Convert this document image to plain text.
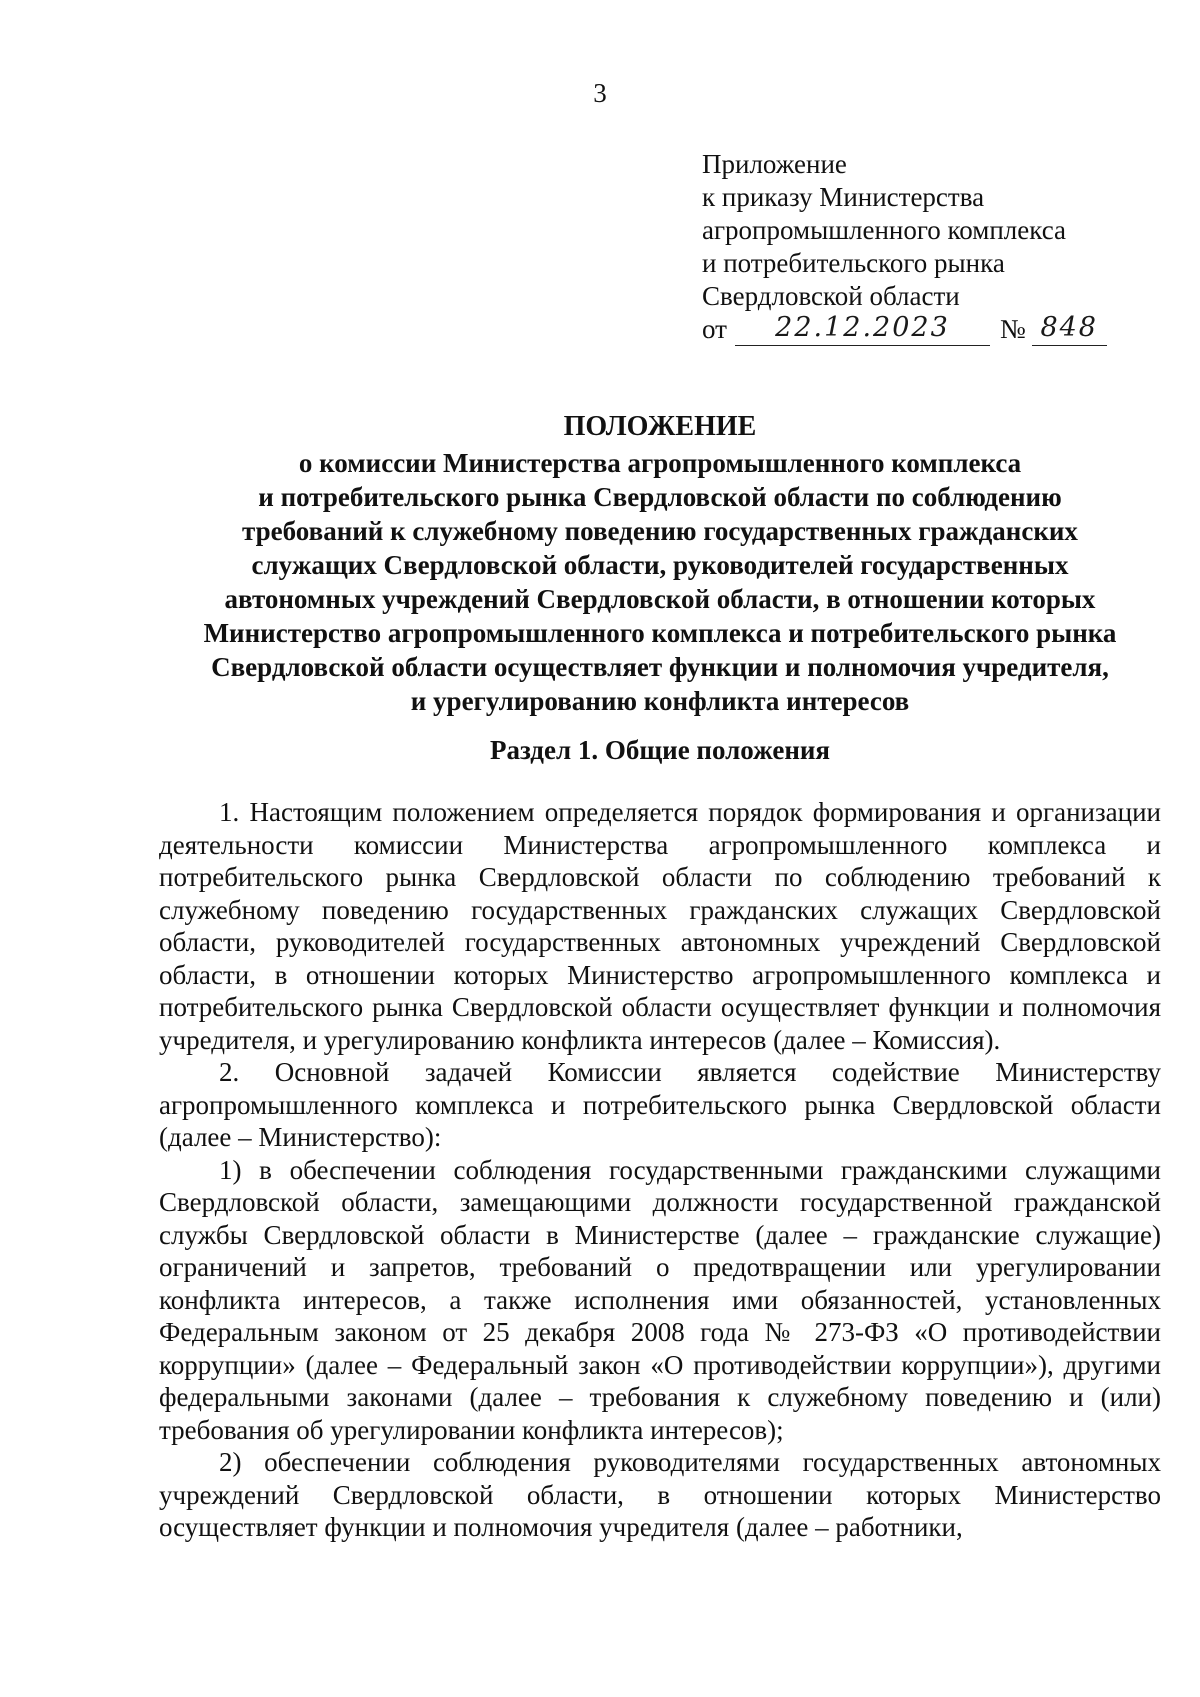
3
Приложение
к приказу Министерства
агропромышленного комплекса
и потребительского рынка
Свердловской области
от	22.12.2023	№ 848
ПОЛОЖЕНИЕ
о комиссии Министерства агропромышленного комплекса
и потребительского рынка Свердловской области по соблюдению
требований к служебному поведению государственных гражданских
служащих Свердловской области, руководителей государственных
автономных учреждений Свердловской области, в отношении которых
Министерство агропромышленного комплекса и потребительского рынка
Свердловской области осуществляет функции и полномочия учредителя,
и урегулированию конфликта интересов
Раздел 1. Общие положения

1. Настоящим положением определяется порядок формирования и организации деятельности комиссии Министерства агропромышленного комплекса и потребительского рынка Свердловской области по соблюдению требований к служебному поведению государственных гражданских служащих Свердловской области, руководителей государственных автономных учреждений Свердловской области, в отношении которых Министерство агропромышленного комплекса и потребительского рынка Свердловской области осуществляет функции и полномочия учредителя, и урегулированию конфликта интересов (далее – Комиссия).

2. Основной задачей Комиссии является содействие Министерству агропромышленного комплекса и потребительского рынка Свердловской области (далее – Министерство):

1) в обеспечении соблюдения государственными гражданскими служащими Свердловской области, замещающими должности государственной гражданской службы Свердловской области в Министерстве (далее – гражданские служащие) ограничений и запретов, требований о предотвращении или урегулировании конфликта интересов, а также исполнения ими обязанностей, установленных Федеральным законом от 25 декабря 2008 года № 273-ФЗ «О противодействии коррупции» (далее – Федеральный закон «О противодействии коррупции»), другими федеральными законами (далее – требования к служебному поведению и (или) требования об урегулировании конфликта интересов);

2) обеспечении соблюдения руководителями государственных автономных учреждений Свердловской области, в отношении которых Министерство осуществляет функции и полномочия учредителя (далее – работники,
